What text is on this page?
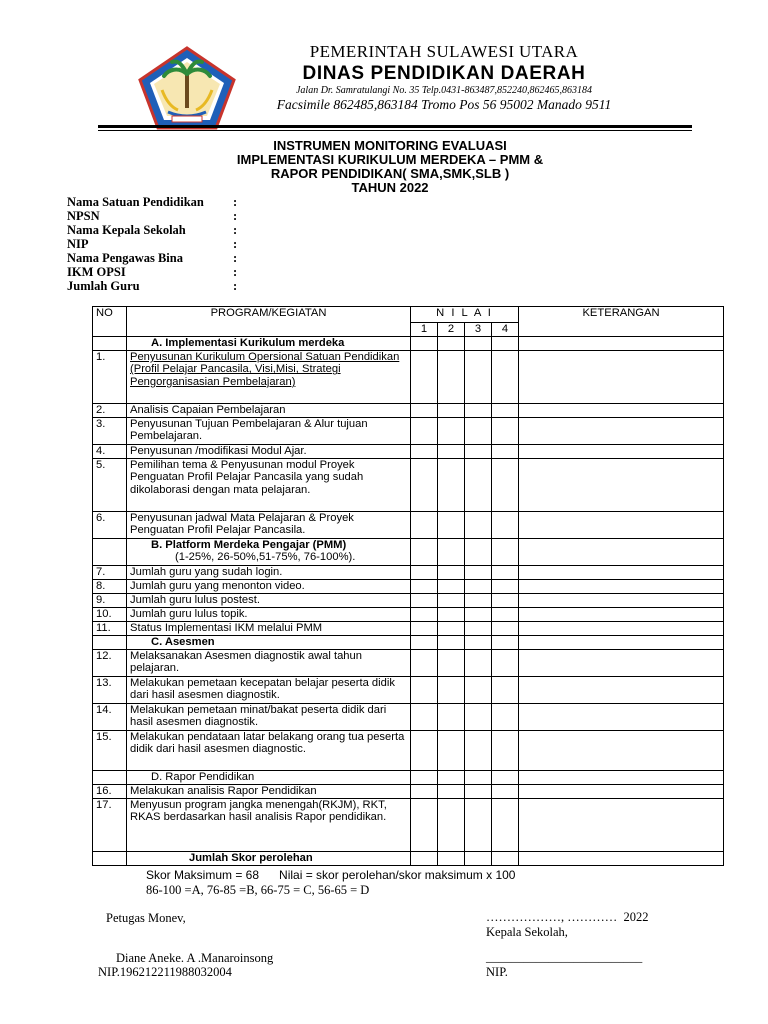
PEMERINTAH SULAWESI UTARA
DINAS PENDIDIKAN DAERAH
Jalan Dr. Samratulangi No. 35 Telp.0431-863487,852240,862465,863184
Facsimile 862485,863184 Tromo Pos 56 95002 Manado 9511
INSTRUMEN MONITORING EVALUASI
IMPLEMENTASI KURIKULUM MERDEKA – PMM &
RAPOR PENDIDIKAN( SMA,SMK,SLB )
TAHUN 2022
Nama Satuan Pendidikan	:
NPSN	:
Nama Kepala Sekolah	:
NIP	:
Nama Pengawas Bina	:
IKM OPSI	:
Jumlah Guru	:
NO	PROGRAM/KEGIATAN	N I L A I				KETERANGAN
		1	2	3	4	
	A. Implementasi Kurikulum merdeka					
1.	Penyusunan Kurikulum Opersional Satuan Pendidikan (Profil Pelajar Pancasila, Visi,Misi, Strategi Pengorganisasian Pembelajaran)					
2.	Analisis Capaian Pembelajaran					
3.	Penyusunan Tujuan Pembelajaran & Alur tujuan Pembelajaran.					
4.	Penyusunan /modifikasi Modul Ajar.					
5.	Pemilihan tema & Penyusunan modul Proyek Penguatan Profil Pelajar Pancasila yang sudah dikolaborasi dengan mata pelajaran.					
6.	Penyusunan jadwal Mata Pelajaran & Proyek Penguatan Profil Pelajar Pancasila.					

	B. Platform Merdeka Pengajar (PMM)
(1-25%, 26-50%,51-75%, 76-100%).					

7.	Jumlah guru yang sudah login.					
8.	Jumlah guru yang menonton video.					
9.	Jumlah guru lulus postest.					
10.	Jumlah guru lulus topik.					
11.	Status Implementasi IKM melalui PMM					
	C. Asesmen					
12.	Melaksanakan Asesmen diagnostik awal tahun pelajaran.					
13.	Melakukan pemetaan kecepatan belajar peserta didik dari hasil asesmen diagnostik.					
14.	Melakukan pemetaan minat/bakat peserta didik dari hasil asesmen diagnostik.					
15.	Melakukan pendataan latar belakang orang tua peserta didik dari hasil asesmen diagnostic.					
	D. Rapor Pendidikan					
16.	Melakukan analisis Rapor Pendidikan					
17.	Menyusun program jangka menengah(RKJM), RKT, RKAS berdasarkan hasil analisis Rapor pendidikan.					
	Jumlah Skor perolehan					
Skor Maksimum = 68      Nilai = skor perolehan/skor maksimum x 100
86-100 =A, 76-85 =B, 66-75 = C, 56-65 = D
Petugas Monev,	………………, …………  2022
Kepala Sekolah,
Diane Aneke. A .Manaroinsong	_________________________
NIP.196212211988032004	NIP.
